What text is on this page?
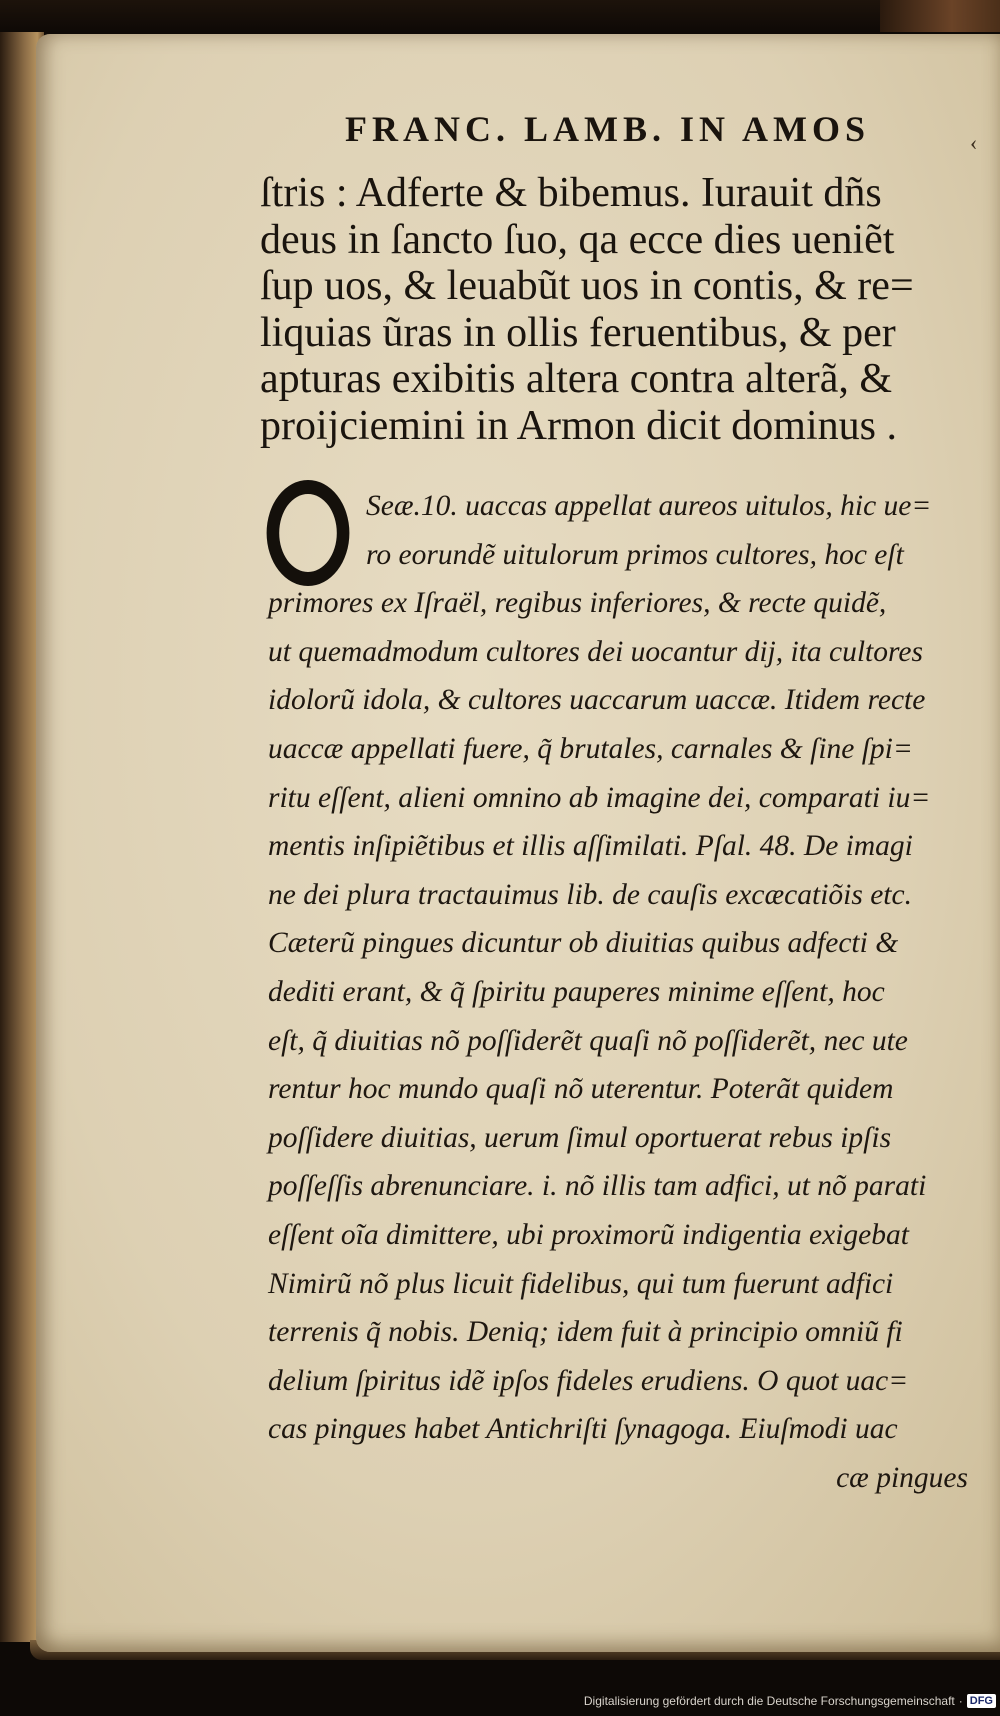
FRANC. LAMB. IN AMOS	‹
ſtris : Adferte & bibemus. Iurauit dñs
deus in ſancto ſuo, qa ecce dies ueniẽt
ſup uos, & leuabũt uos in contis, & re=
liquias ũras in ollis feruentibus, & per
apturas exibitis altera contra alterã, &
proijciemini in Armon dicit dominus .
Seæ.10. uaccas appellat aureos uitulos, hic ue=
ro eorundẽ uitulorum primos cultores, hoc eſt
primores ex Iſraël, regibus inferiores, & recte quidẽ,
ut quemadmodum cultores dei uocantur dij, ita cultores
idolorũ idola, & cultores uaccarum uaccæ. Itidem recte
uaccæ appellati fuere, q̃ brutales, carnales & ſine ſpi=
ritu eſſent, alieni omnino ab imagine dei, comparati iu=
mentis inſipiẽtibus et illis aſſimilati. Pſal. 48. De imagi
ne dei plura tractauimus lib. de cauſis excæcatiõis etc.
Cæterũ pingues dicuntur ob diuitias quibus adfecti &
dediti erant, & q̃ ſpiritu pauperes minime eſſent, hoc
eſt, q̃ diuitias nõ poſſiderẽt quaſi nõ poſſiderẽt, nec ute
rentur hoc mundo quaſi nõ uterentur. Poterãt quidem
poſſidere diuitias, uerum ſimul oportuerat rebus ipſis
poſſeſſis abrenunciare. i. nõ illis tam adfici, ut nõ parati
eſſent oĩa dimittere, ubi proximorũ indigentia exigebat
Nimirũ nõ plus licuit fidelibus, qui tum fuerunt adfici
terrenis q̃ nobis. Deniq; idem fuit à principio omniũ fi
delium ſpiritus idẽ ipſos fideles erudiens. O quot uac=
cas pingues habet Antichriſti ſynagoga. Eiuſmodi uac
cæ pingues
Digitalisierung gefördert durch die Deutsche Forschungsgemeinschaft · DFG
